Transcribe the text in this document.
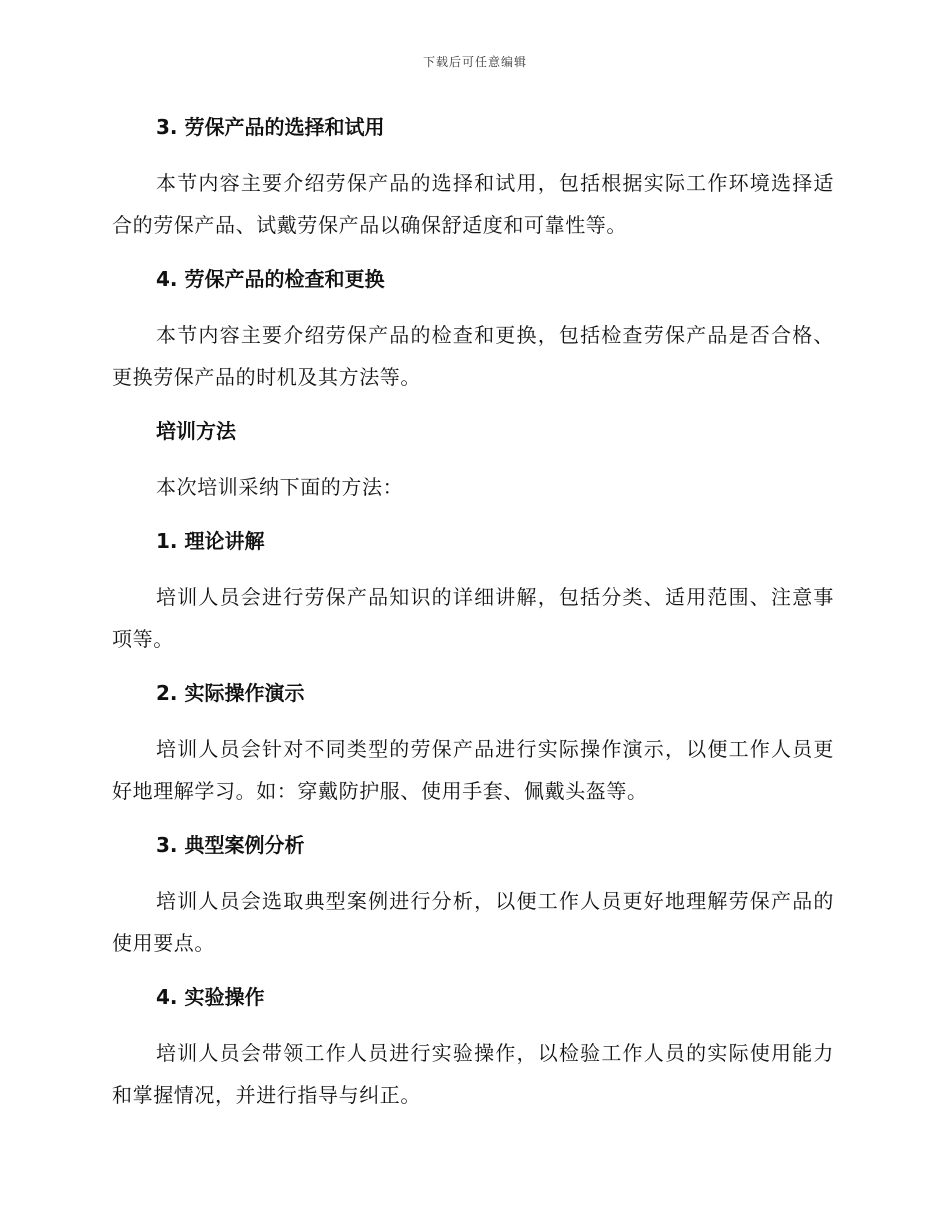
下载后可任意编辑
3. 劳保产品的选择和试用

本节内容主要介绍劳保产品的选择和试用，包括根据实际工作环境选择适合的劳保产品、试戴劳保产品以确保舒适度和可靠性等。

4. 劳保产品的检查和更换

本节内容主要介绍劳保产品的检查和更换，包括检查劳保产品是否合格、更换劳保产品的时机及其方法等。

培训方法

本次培训采纳下面的方法：

1. 理论讲解

培训人员会进行劳保产品知识的详细讲解，包括分类、适用范围、注意事项等。

2. 实际操作演示

培训人员会针对不同类型的劳保产品进行实际操作演示，以便工作人员更好地理解学习。如：穿戴防护服、使用手套、佩戴头盔等。

3. 典型案例分析

培训人员会选取典型案例进行分析，以便工作人员更好地理解劳保产品的使用要点。

4. 实验操作

培训人员会带领工作人员进行实验操作，以检验工作人员的实际使用能力和掌握情况，并进行指导与纠正。
